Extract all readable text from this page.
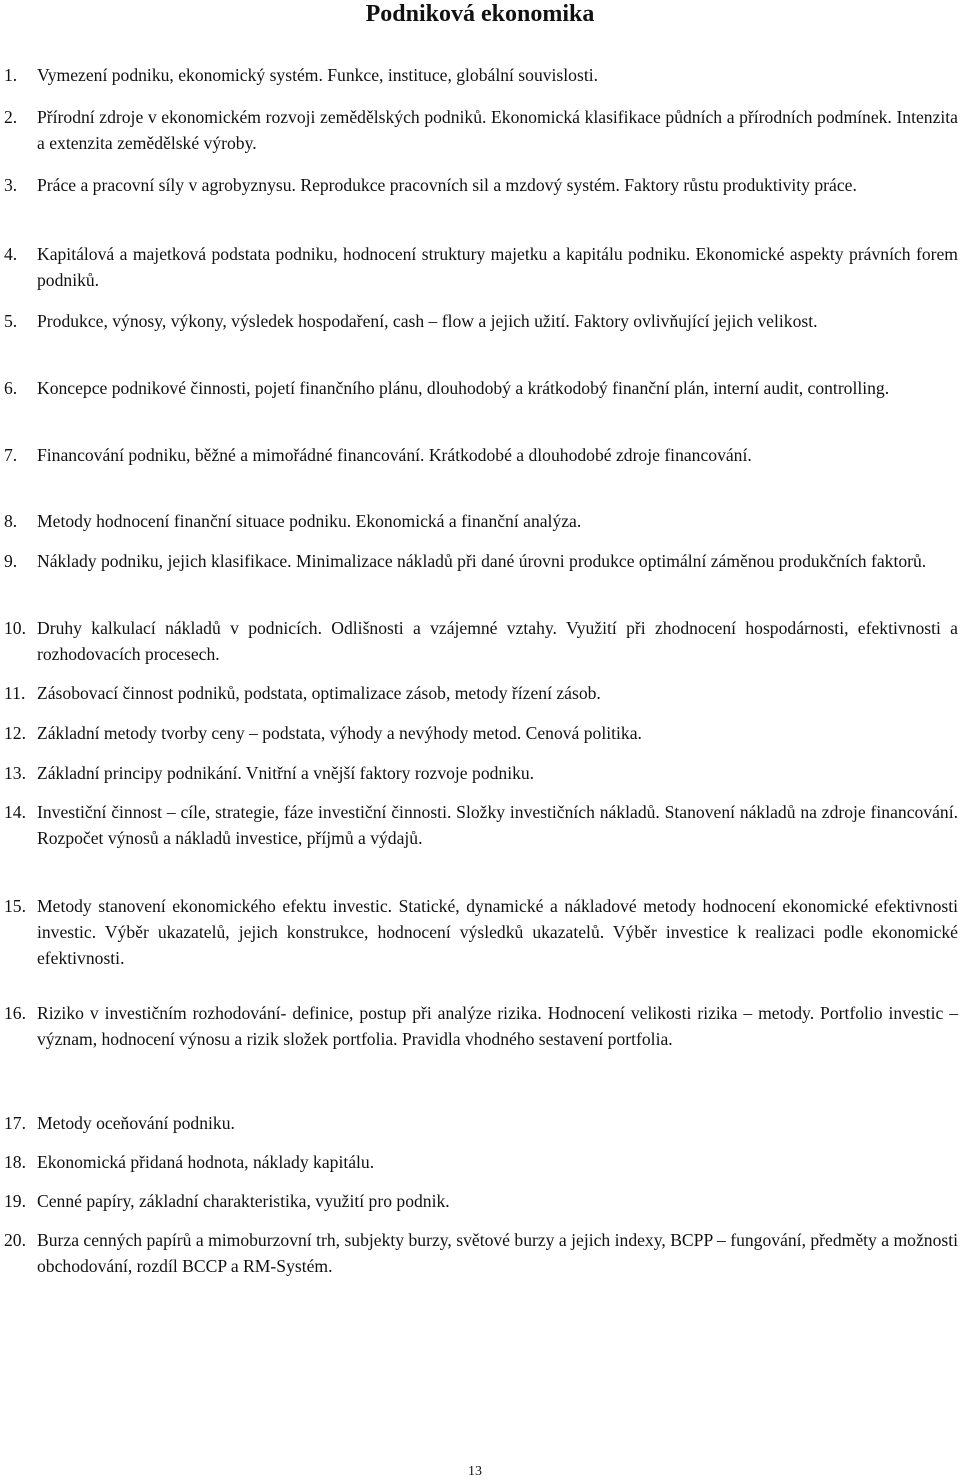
Podniková ekonomika
1. Vymezení podniku, ekonomický systém. Funkce, instituce, globální souvislosti.
2. Přírodní zdroje v ekonomickém rozvoji zemědělských podniků. Ekonomická klasifikace půdních a přírodních podmínek. Intenzita a extenzita zemědělské výroby.
3. Práce a pracovní síly v agrobyznysu. Reprodukce pracovních sil a mzdový systém. Faktory růstu produktivity práce.
4. Kapitálová a majetková podstata podniku, hodnocení struktury majetku a kapitálu podniku. Ekonomické aspekty právních forem podniků.
5. Produkce, výnosy, výkony, výsledek hospodaření, cash – flow a jejich užití. Faktory ovlivňující jejich velikost.
6. Koncepce podnikové činnosti, pojetí finančního plánu, dlouhodobý a krátkodobý finanční plán, interní audit, controlling.
7. Financování podniku, běžné a mimořádné financování. Krátkodobé a dlouhodobé zdroje financování.
8. Metody hodnocení finanční situace podniku. Ekonomická a finanční analýza.
9. Náklady podniku, jejich klasifikace. Minimalizace nákladů při dané úrovni produkce optimální záměnou produkčních faktorů.
10. Druhy kalkulací nákladů v podnicích. Odlišnosti a vzájemné vztahy. Využití při zhodnocení hospodárnosti, efektivnosti a rozhodovacích procesech.
11. Zásobovací činnost podniků, podstata, optimalizace zásob, metody řízení zásob.
12. Základní metody tvorby ceny – podstata, výhody a nevýhody metod. Cenová politika.
13. Základní principy podnikání. Vnitřní a vnější faktory rozvoje podniku.
14. Investiční činnost – cíle, strategie, fáze investiční činnosti. Složky investičních nákladů. Stanovení nákladů na zdroje financování. Rozpočet výnosů a nákladů investice, příjmů a výdajů.
15. Metody stanovení ekonomického efektu investic. Statické, dynamické a nákladové metody hodnocení ekonomické efektivnosti investic. Výběr ukazatelů, jejich konstrukce, hodnocení výsledků ukazatelů. Výběr investice k realizaci podle ekonomické efektivnosti.
16. Riziko v investičním rozhodování- definice, postup při analýze rizika. Hodnocení velikosti rizika – metody. Portfolio investic – význam, hodnocení výnosu a rizik složek portfolia. Pravidla vhodného sestavení portfolia.
17. Metody oceňování podniku.
18. Ekonomická přidaná hodnota, náklady kapitálu.
19. Cenné papíry, základní charakteristika, využití pro podnik.
20. Burza cenných papírů a mimoburzovní trh, subjekty burzy, světové burzy a jejich indexy, BCPP – fungování, předměty a možnosti obchodování, rozdíl BCCP a RM-Systém.
13
